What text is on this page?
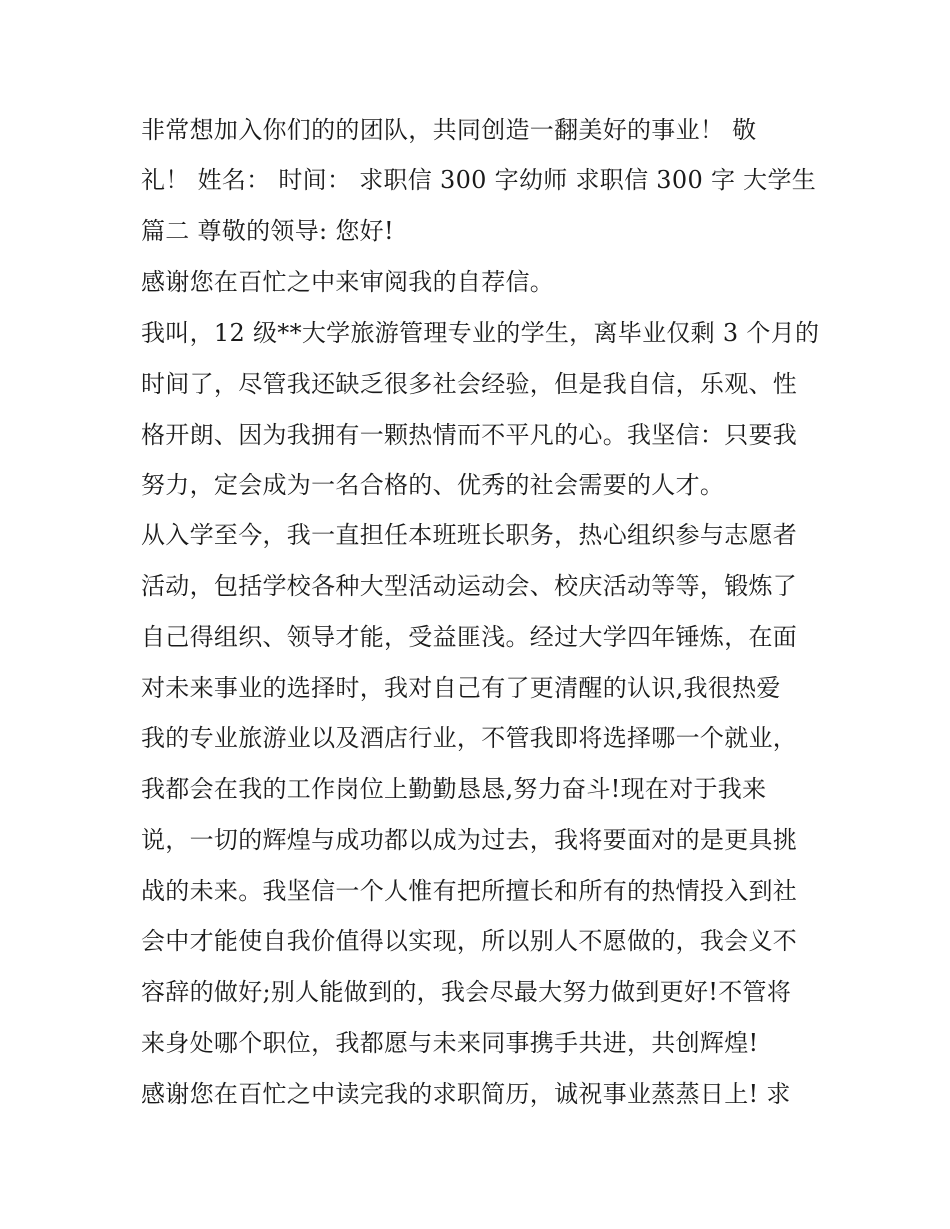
非常想加入你们的的团队，共同创造一翻美好的事业！ 敬
礼！ 姓名： 时间： 求职信 300 字幼师 求职信 300 字 大学生
篇二 尊敬的领导: 您好!
感谢您在百忙之中来审阅我的自荐信。
我叫，12 级**大学旅游管理专业的学生，离毕业仅剩 3 个月的
时间了，尽管我还缺乏很多社会经验，但是我自信，乐观、性
格开朗、因为我拥有一颗热情而不平凡的心。我坚信：只要我
努力，定会成为一名合格的、优秀的社会需要的人才。
从入学至今，我一直担任本班班长职务，热心组织参与志愿者
活动，包括学校各种大型活动运动会、校庆活动等等，锻炼了
自己得组织、领导才能，受益匪浅。经过大学四年锤炼，在面
对未来事业的选择时，我对自己有了更清醒的认识,我很热爱
我的专业旅游业以及酒店行业，不管我即将选择哪一个就业，
我都会在我的工作岗位上勤勤恳恳,努力奋斗!现在对于我来
说，一切的辉煌与成功都以成为过去，我将要面对的是更具挑
战的未来。我坚信一个人惟有把所擅长和所有的热情投入到社
会中才能使自我价值得以实现，所以别人不愿做的，我会义不
容辞的做好;别人能做到的，我会尽最大努力做到更好!不管将
来身处哪个职位，我都愿与未来同事携手共进，共创辉煌!
感谢您在百忙之中读完我的求职简历，诚祝事业蒸蒸日上! 求
